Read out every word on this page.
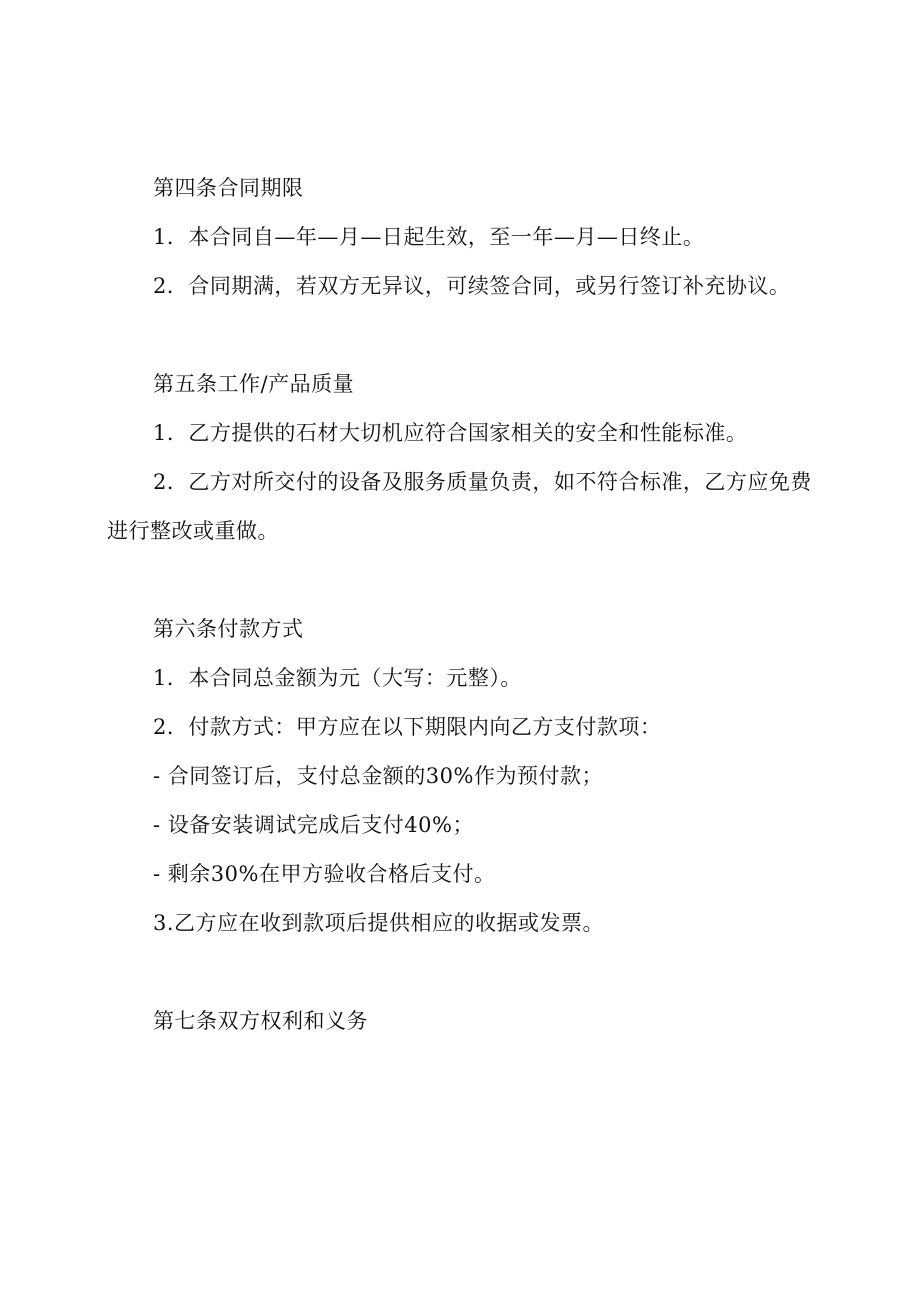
第四条合同期限
1．本合同自—年—月—日起生效，至一年—月—日终止。
2．合同期满，若双方无异议，可续签合同，或另行签订补充协议。
第五条工作/产品质量
1．乙方提供的石材大切机应符合国家相关的安全和性能标准。
2．乙方对所交付的设备及服务质量负责，如不符合标准，乙方应免费
进行整改或重做。
第六条付款方式
1．本合同总金额为元（大写：元整）。
2．付款方式：甲方应在以下期限内向乙方支付款项：
- 合同签订后，支付总金额的30%作为预付款；
- 设备安装调试完成后支付40%；
- 剩余30%在甲方验收合格后支付。
3.乙方应在收到款项后提供相应的收据或发票。
第七条双方权利和义务
